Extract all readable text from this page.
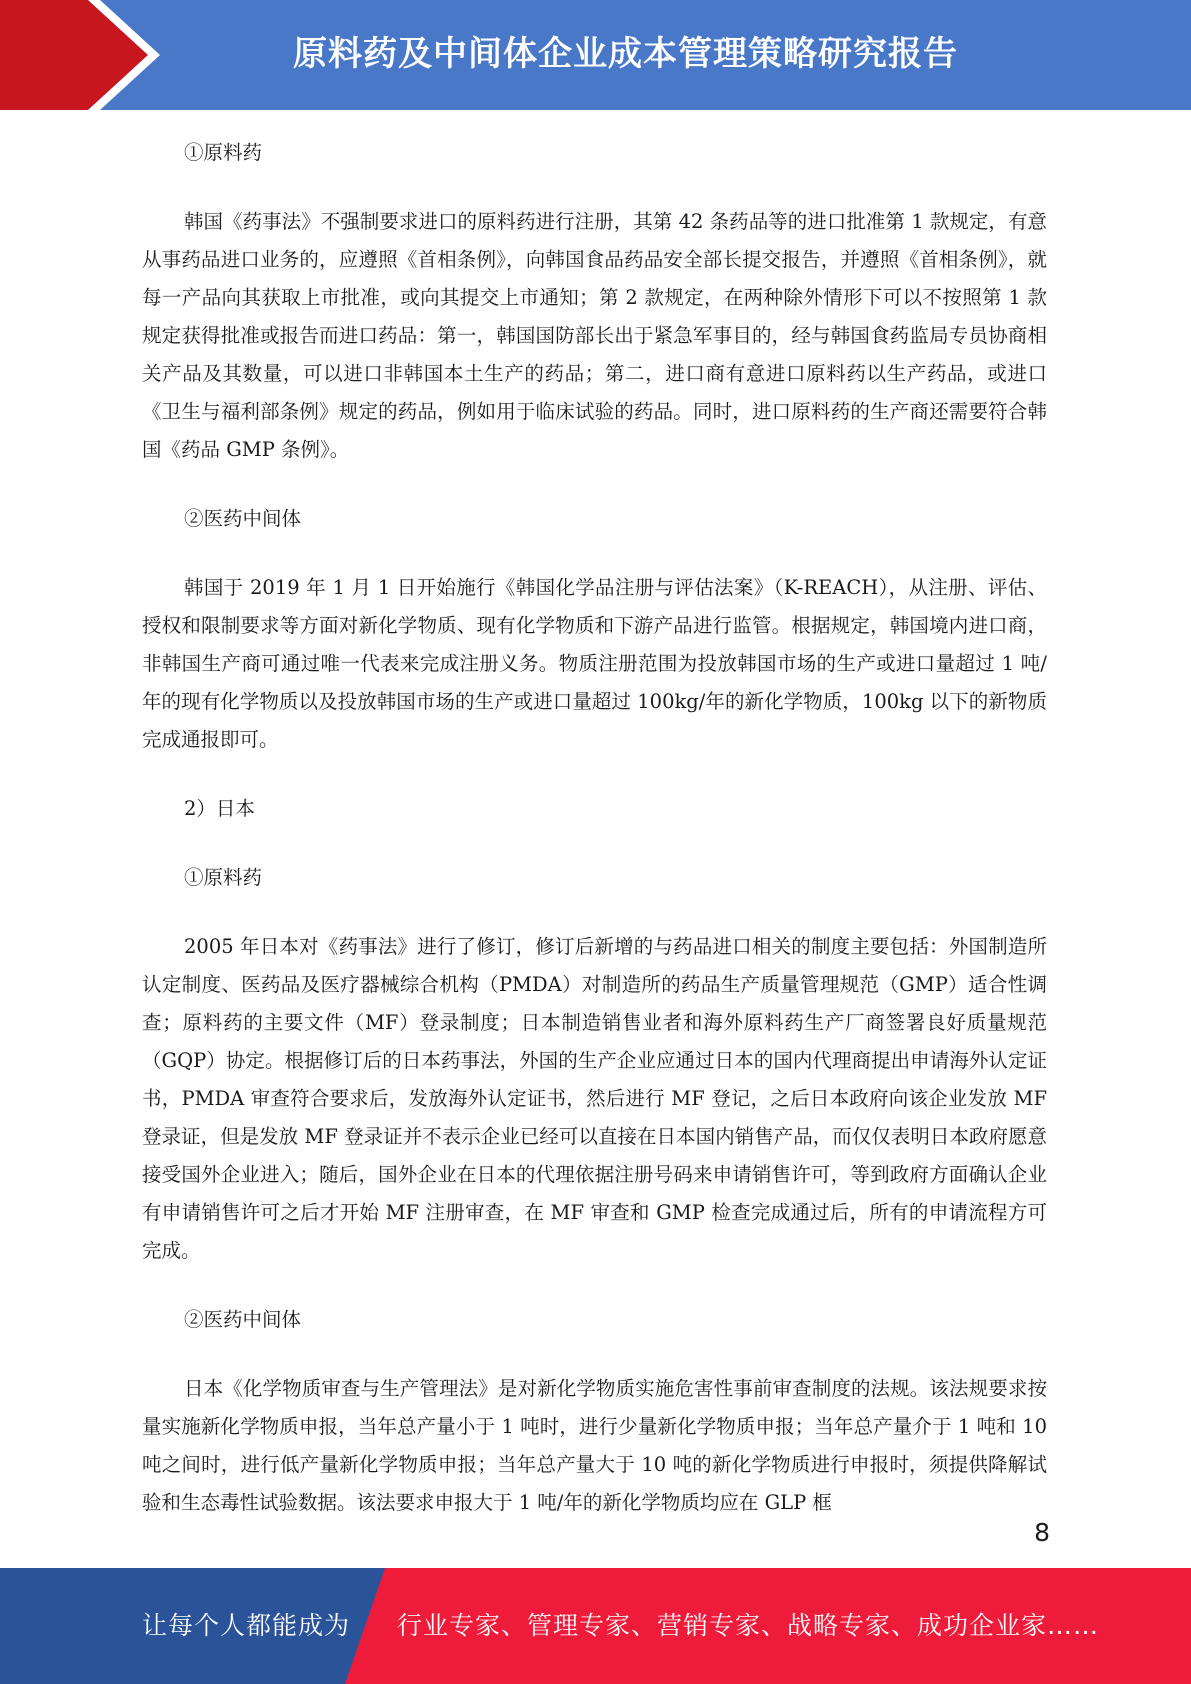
原料药及中间体企业成本管理策略研究报告
①原料药
韩国《药事法》不强制要求进口的原料药进行注册，其第 42 条药品等的进口批准第 1 款规定，有意从事药品进口业务的，应遵照《首相条例》，向韩国食品药品安全部长提交报告，并遵照《首相条例》，就每一产品向其获取上市批准，或向其提交上市通知；第 2 款规定，在两种除外情形下可以不按照第 1 款规定获得批准或报告而进口药品：第一，韩国国防部长出于紧急军事目的，经与韩国食药监局专员协商相关产品及其数量，可以进口非韩国本土生产的药品；第二，进口商有意进口原料药以生产药品，或进口《卫生与福利部条例》规定的药品，例如用于临床试验的药品。同时，进口原料药的生产商还需要符合韩国《药品 GMP 条例》。
②医药中间体
韩国于 2019 年 1 月 1 日开始施行《韩国化学品注册与评估法案》（K-REACH），从注册、评估、授权和限制要求等方面对新化学物质、现有化学物质和下游产品进行监管。根据规定，韩国境内进口商，非韩国生产商可通过唯一代表来完成注册义务。物质注册范围为投放韩国市场的生产或进口量超过 1 吨/年的现有化学物质以及投放韩国市场的生产或进口量超过 100kg/年的新化学物质，100kg 以下的新物质完成通报即可。
2）日本
①原料药
2005 年日本对《药事法》进行了修订，修订后新增的与药品进口相关的制度主要包括：外国制造所认定制度、医药品及医疗器械综合机构（PMDA）对制造所的药品生产质量管理规范（GMP）适合性调查；原料药的主要文件（MF）登录制度；日本制造销售业者和海外原料药生产厂商签署良好质量规范（GQP）协定。根据修订后的日本药事法，外国的生产企业应通过日本的国内代理商提出申请海外认定证书，PMDA 审查符合要求后，发放海外认定证书，然后进行 MF 登记，之后日本政府向该企业发放 MF 登录证，但是发放 MF 登录证并不表示企业已经可以直接在日本国内销售产品，而仅仅表明日本政府愿意接受国外企业进入；随后，国外企业在日本的代理依据注册号码来申请销售许可，等到政府方面确认企业有申请销售许可之后才开始 MF 注册审查，在 MF 审查和 GMP 检查完成通过后，所有的申请流程方可完成。
②医药中间体
日本《化学物质审查与生产管理法》是对新化学物质实施危害性事前审查制度的法规。该法规要求按量实施新化学物质申报，当年总产量小于 1 吨时，进行少量新化学物质申报；当年总产量介于 1 吨和 10 吨之间时，进行低产量新化学物质申报；当年总产量大于 10 吨的新化学物质进行申报时，须提供降解试验和生态毒性试验数据。该法要求申报大于 1 吨/年的新化学物质均应在 GLP 框
8
让每个人都能成为 行业专家、管理专家、营销专家、战略专家、成功企业家……
